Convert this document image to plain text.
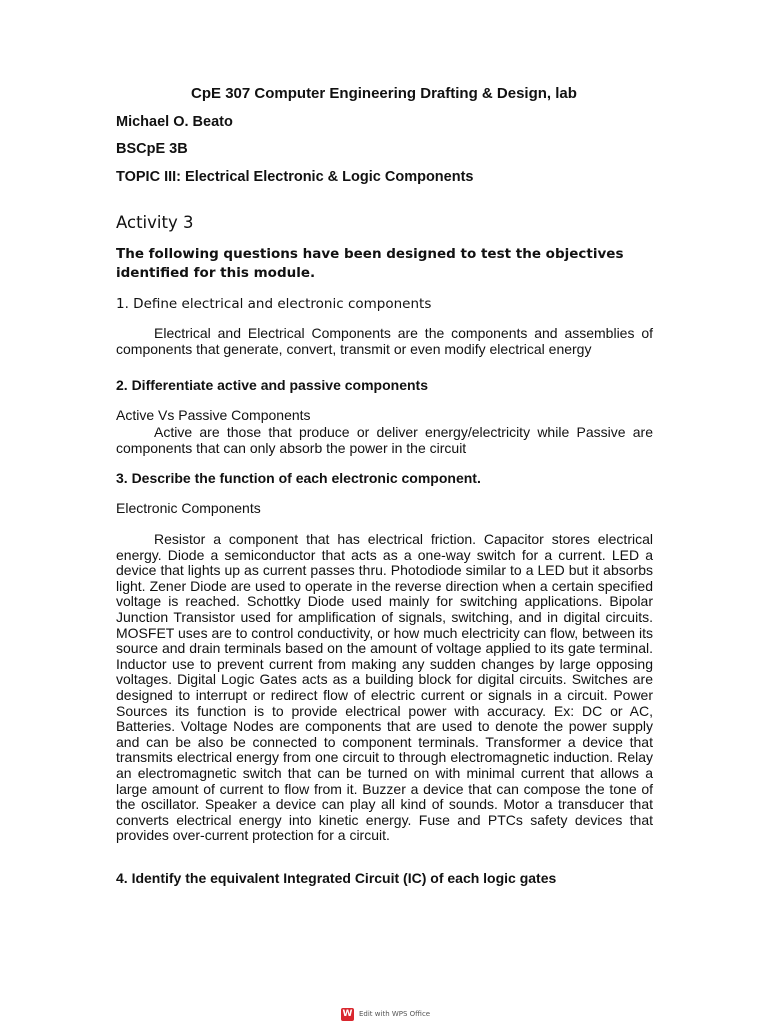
CpE 307 Computer Engineering Drafting & Design, lab

Michael O. Beato

BSCpE 3B

TOPIC III: Electrical Electronic & Logic Components

Activity 3

The following questions have been designed to test the objectives identified for this module.

1. Define electrical and electronic components

Electrical and Electrical Components are the components and assemblies of components that generate, convert, transmit or even modify electrical energy

2. Differentiate active and passive components

Active Vs Passive Components

Active are those that produce or deliver energy/electricity while Passive are components that can only absorb the power in the circuit

3. Describe the function of each electronic component.

Electronic Components

Resistor a component that has electrical friction. Capacitor stores electrical energy. Diode a semiconductor that acts as a one-way switch for a current. LED a device that lights up as current passes thru. Photodiode similar to a LED but it absorbs light. Zener Diode are used to operate in the reverse direction when a certain specified voltage is reached. Schottky Diode used mainly for switching applications. Bipolar Junction Transistor used for amplification of signals, switching, and in digital circuits. MOSFET uses are to control conductivity, or how much electricity can flow, between its source and drain terminals based on the amount of voltage applied to its gate terminal. Inductor use to prevent current from making any sudden changes by large opposing voltages. Digital Logic Gates acts as a building block for digital circuits. Switches are designed to interrupt or redirect flow of electric current or signals in a circuit. Power Sources its function is to provide electrical power with accuracy. Ex: DC or AC, Batteries. Voltage Nodes are components that are used to denote the power supply and can be also be connected to component terminals. Transformer a device that transmits electrical energy from one circuit to through electromagnetic induction. Relay an electromagnetic switch that can be turned on with minimal current that allows a large amount of current to flow from it. Buzzer a device that can compose the tone of the oscillator. Speaker a device can play all kind of sounds. Motor a transducer that converts electrical energy into kinetic energy. Fuse and PTCs safety devices that provides over-current protection for a circuit.

4. Identify the equivalent Integrated Circuit (IC) of each logic gates

W Edit with WPS Office
